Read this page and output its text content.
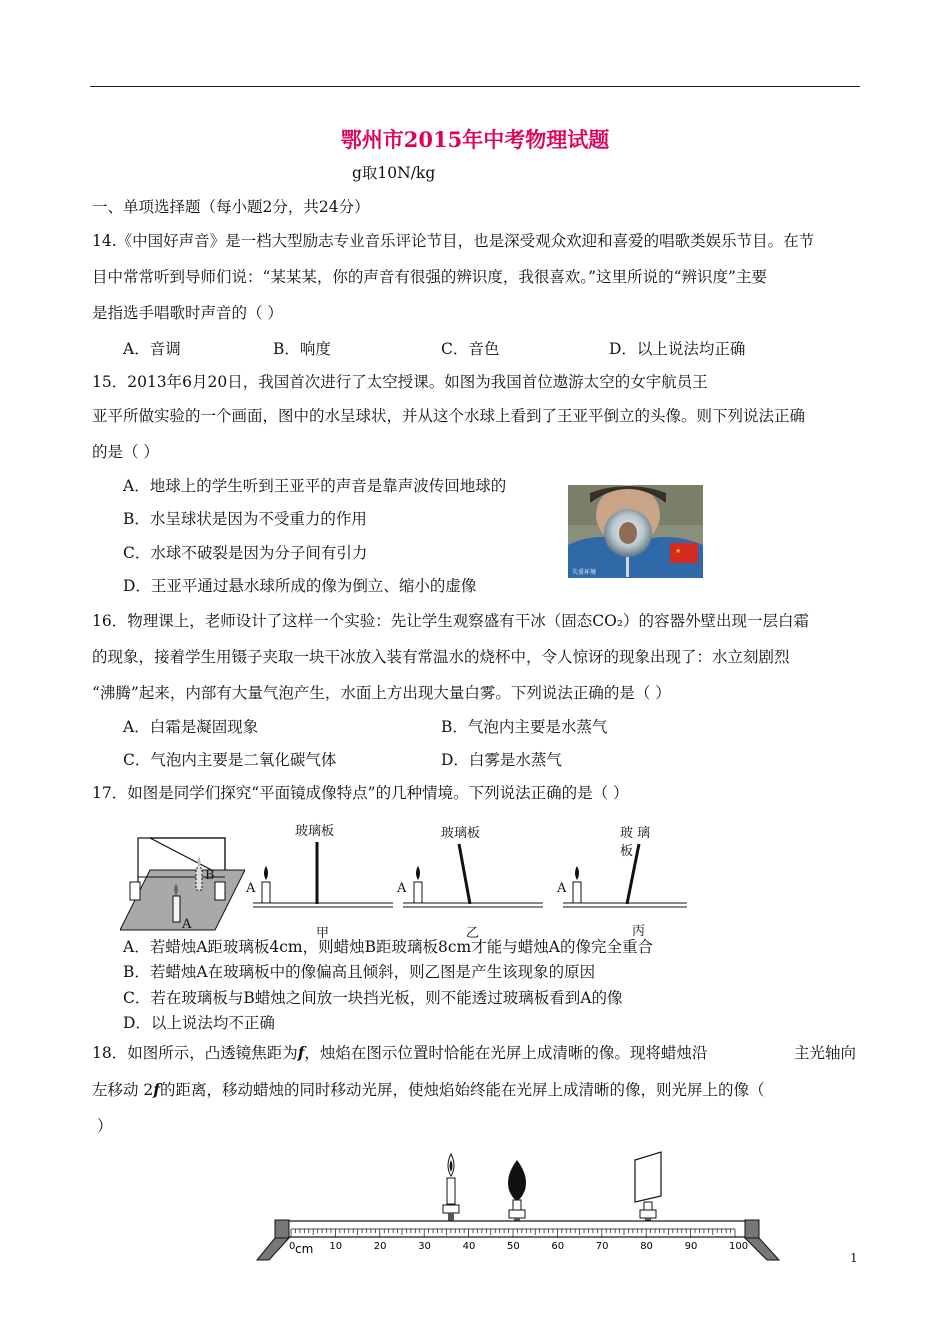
鄂州市2015年中考物理试题
g取10N/kg
一、单项选择题（每小题2分，共24分）
14.《中国好声音》是一档大型励志专业音乐评论节目，也是深受观众欢迎和喜爱的唱歌类娱乐节目。在节
目中常常听到导师们说：“某某某，你的声音有很强的辨识度，我很喜欢。”这里所说的“辨识度”主要
是指选手唱歌时声音的（ ）
A．音调	B．响度	C．音色	D．以上说法均正确
15．2013年6月20日，我国首次进行了太空授课。如图为我国首位遨游太空的女宇航员王
亚平所做实验的一个画面，图中的水呈球状，并从这个水球上看到了王亚平倒立的头像。则下列说法正确
的是（ ）
A．地球上的学生听到王亚平的声音是靠声波传回地球的
B．水呈球状是因为不受重力的作用
C．水球不破裂是因为分子间有引力
D．王亚平通过悬水球所成的像为倒立、缩小的虚像
★
失重环境
16．物理课上，老师设计了这样一个实验：先让学生观察盛有干冰（固态CO₂）的容器外壁出现一层白霜
的现象，接着学生用镊子夹取一块干冰放入装有常温水的烧杯中，令人惊讶的现象出现了：水立刻剧烈
“沸腾”起来，内部有大量气泡产生，水面上方出现大量白雾。下列说法正确的是（ ）
A．白霜是凝固现象	B．气泡内主要是水蒸气
C．气泡内主要是二氧化碳气体	D．白雾是水蒸气
17．如图是同学们探究“平面镜成像特点”的几种情境。下列说法正确的是（ ）
B
A
玻璃板
A
甲
玻璃板
A
乙
玻 璃
板
A
丙
A．若蜡烛A距玻璃板4cm，则蜡烛B距玻璃板8cm才能与蜡烛A的像完全重合
B．若蜡烛A在玻璃板中的像偏高且倾斜，则乙图是产生该现象的原因
C．若在玻璃板与B蜡烛之间放一块挡光板，则不能透过玻璃板看到A的像
D．以上说法均不正确
18．如图所示，凸透镜焦距为f，烛焰在图示位置时恰能在光屏上成清晰的像。现将蜡烛沿	主光轴向
左移动 2f的距离，移动蜡烛的同时移动光屏，使烛焰始终能在光屏上成清晰的像，则光屏上的像（
）
cm
0	10	20	30	40	50	60	70	80	90	100
1
